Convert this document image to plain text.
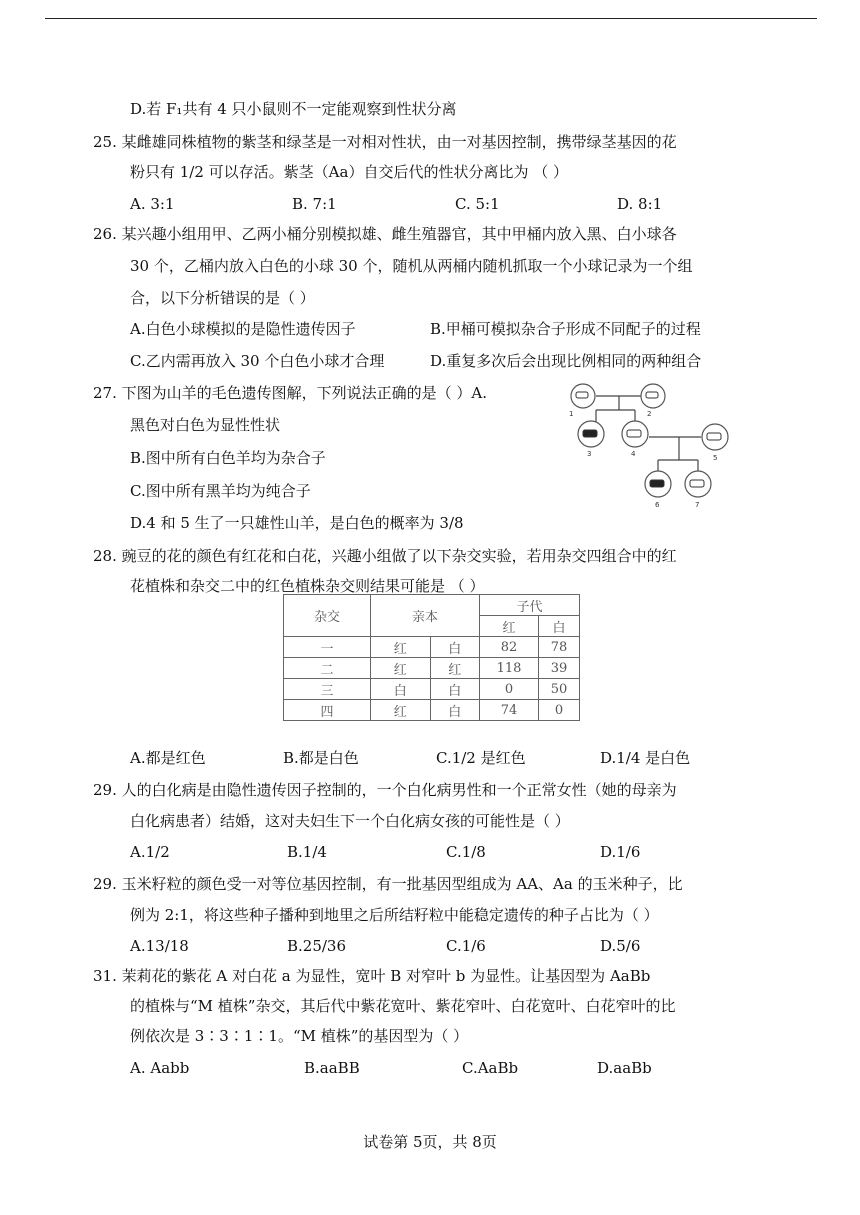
D.若 F₁共有 4 只小鼠则不一定能观察到性状分离
25. 某雌雄同株植物的紫茎和绿茎是一对相对性状，由一对基因控制，携带绿茎基因的花
粉只有 1/2 可以存活。紫茎（Aa）自交后代的性状分离比为 （ ）
A. 3:1	B. 7:1	C. 5:1	D. 8:1
26. 某兴趣小组用甲、乙两小桶分别模拟雄、雌生殖器官，其中甲桶内放入黑、白小球各
30 个，乙桶内放入白色的小球 30 个，随机从两桶内随机抓取一个小球记录为一个组
合，以下分析错误的是（ ）
A.白色小球模拟的是隐性遗传因子	B.甲桶可模拟杂合子形成不同配子的过程
C.乙内需再放入 30 个白色小球才合理	D.重复多次后会出现比例相同的两种组合
27. 下图为山羊的毛色遗传图解，下列说法正确的是（ ）A.
黑色对白色为显性性状
B.图中所有白色羊均为杂合子
C.图中所有黑羊均为纯合子
D.4 和 5 生了一只雄性山羊，是白色的概率为 3/8
1	2
3	4	5
6	7
28. 豌豆的花的颜色有红花和白花，兴趣小组做了以下杂交实验，若用杂交四组合中的红
花植株和杂交二中的红色植株杂交则结果可能是 （ ）
杂交	亲本		子代	
			红	白
一	红	白	82	78
二	红	红	118	39
三	白	白	0	50
四	红	白	74	0
A.都是红色	B.都是白色	C.1/2 是红色	D.1/4 是白色
29. 人的白化病是由隐性遗传因子控制的，一个白化病男性和一个正常女性（她的母亲为
白化病患者）结婚，这对夫妇生下一个白化病女孩的可能性是（ ）
A.1/2	B.1/4	C.1/8	D.1/6
29. 玉米籽粒的颜色受一对等位基因控制，有一批基因型组成为 AA、Aa 的玉米种子，比
例为 2:1，将这些种子播种到地里之后所结籽粒中能稳定遗传的种子占比为（ ）
A.13/18	B.25/36	C.1/6	D.5/6
31. 茉莉花的紫花 A 对白花 a 为显性，宽叶 B 对窄叶 b 为显性。让基因型为 AaBb
的植株与“M 植株”杂交，其后代中紫花宽叶、紫花窄叶、白花宽叶、白花窄叶的比
例依次是 3∶3∶1∶1。“M 植株”的基因型为（ ）
A. Aabb	B.aaBB	C.AaBb	D.aaBb
试卷第 5页，共 8页
